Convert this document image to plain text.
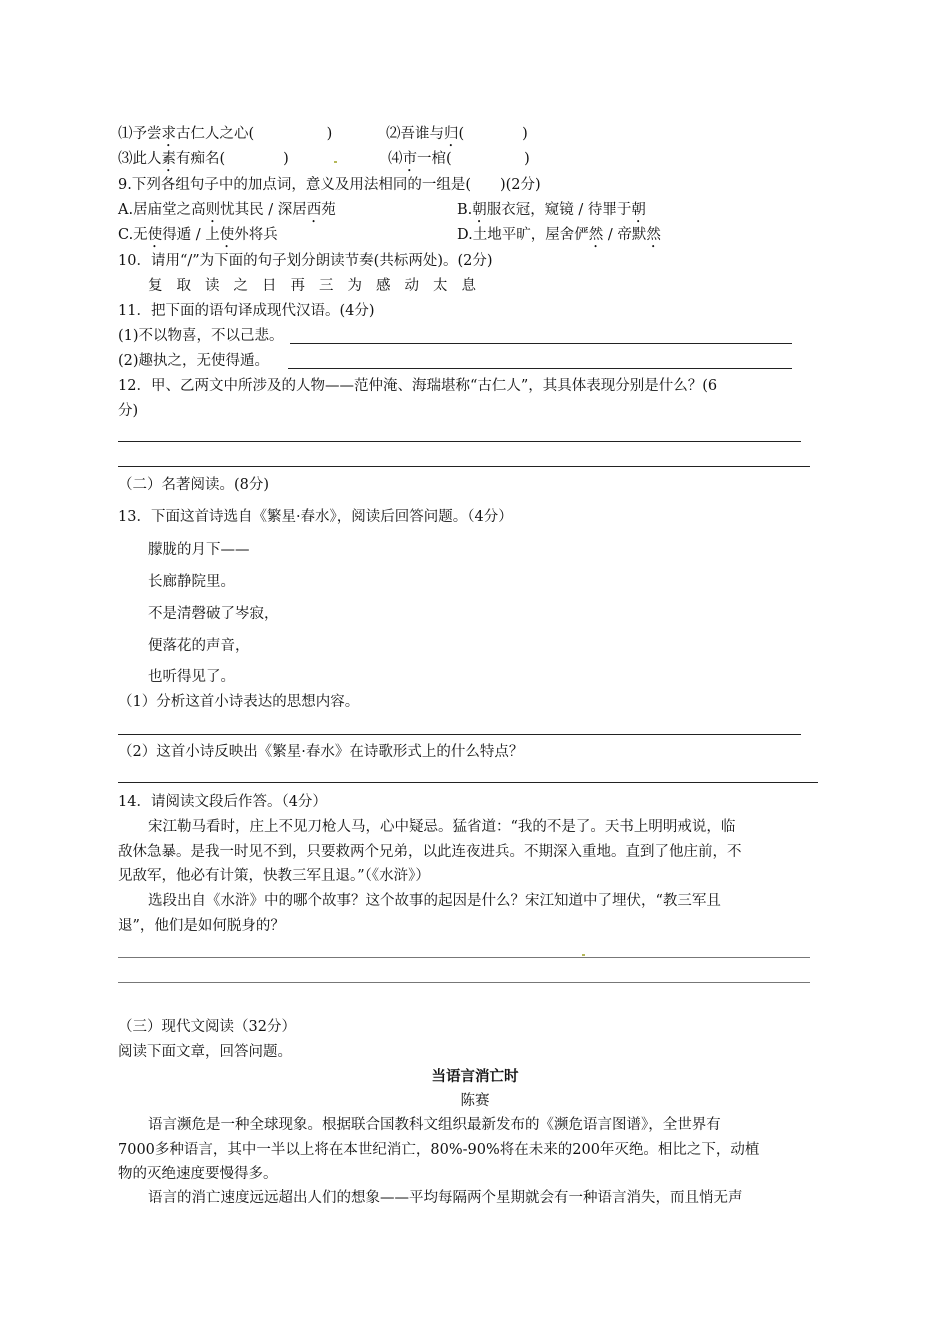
⑴予尝求古仁人之心(　　　　　)	⑵吾谁与归(　　　　)
⑶此人素有痴名(　　　　)	⑷市一棺(　　　　　)
9.下列各组句子中的加点词，意义及用法相同的一组是(　　)(2分)
A.居庙堂之高则忧其民 / 深居西苑	B.朝服衣冠，窥镜 / 待罪于朝
C.无使得遁 / 上使外将兵	D.土地平旷，屋舍俨然 / 帝默然
10．请用“/”为下面的句子划分朗读节奏(共标两处)。(2分)
复取读之日再三为感动太息
11．把下面的语句译成现代汉语。(4分)
(1)不以物喜，不以己悲。
(2)趣执之，无使得遁。
12．甲、乙两文中所涉及的人物——范仲淹、海瑞堪称“古仁人”，其具体表现分别是什么？(6
分)
（二）名著阅读。(8分)
13．下面这首诗选自《繁星·春水》，阅读后回答问题。（4分）
朦胧的月下——
长廊静院里。
不是清磬破了岑寂，
便落花的声音，
也听得见了。
（1）分析这首小诗表达的思想内容。
（2）这首小诗反映出《繁星·春水》在诗歌形式上的什么特点？
14．请阅读文段后作答。（4分）
宋江勒马看时，庄上不见刀枪人马，心中疑忌。猛省道：“我的不是了。天书上明明戒说，临
敌休急暴。是我一时见不到，只要救两个兄弟，以此连夜进兵。不期深入重地。直到了他庄前，不
见敌军，他必有计策，快教三军且退。”（《水浒》）
选段出自《水浒》中的哪个故事？这个故事的起因是什么？宋江知道中了埋伏，“教三军且
退”，他们是如何脱身的？
（三）现代文阅读（32分）
阅读下面文章，回答问题。
当语言消亡时
陈赛
语言濒危是一种全球现象。根据联合国教科文组织最新发布的《濒危语言图谱》，全世界有
7000多种语言，其中一半以上将在本世纪消亡，80%-90%将在未来的200年灭绝。相比之下，动植
物的灭绝速度要慢得多。
语言的消亡速度远远超出人们的想象——平均每隔两个星期就会有一种语言消失，而且悄无声
